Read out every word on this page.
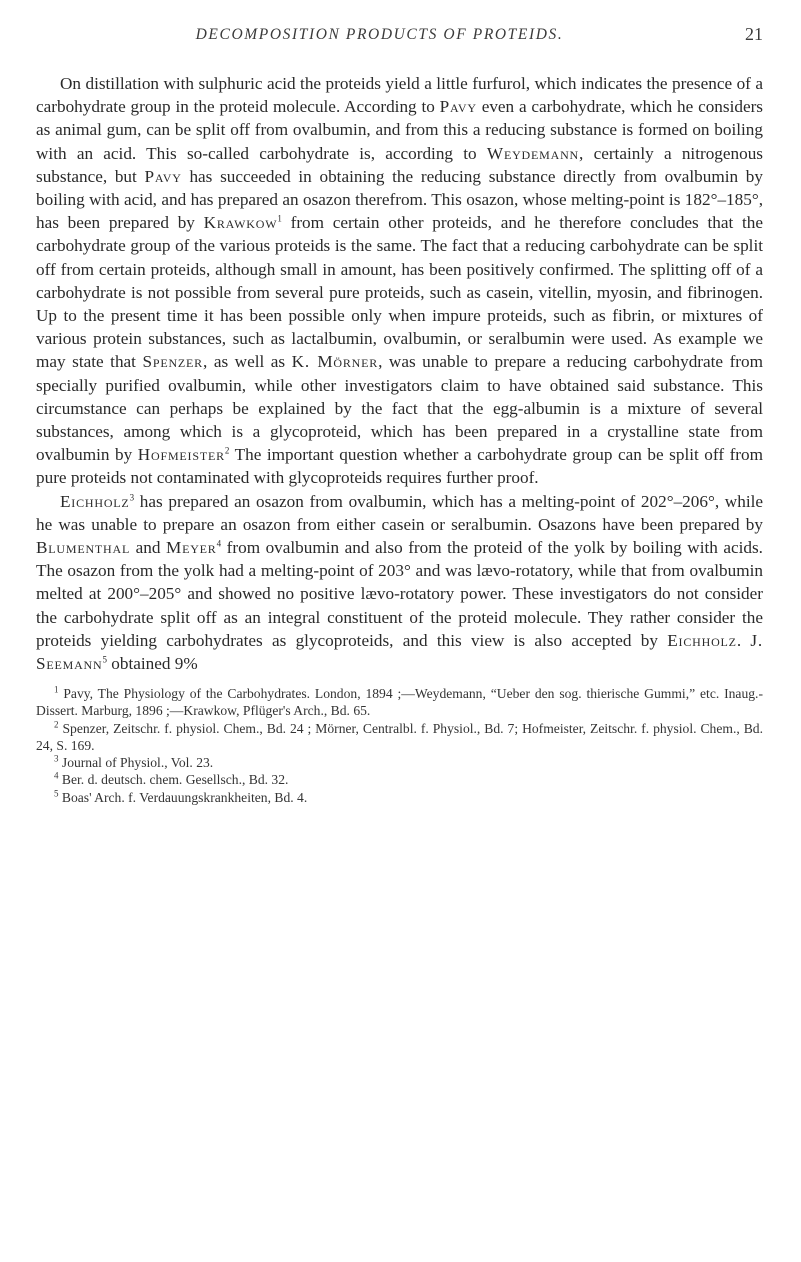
DECOMPOSITION PRODUCTS OF PROTEIDS.	21

On distillation with sulphuric acid the proteids yield a little furfurol, which indicates the presence of a carbohydrate group in the proteid molecule. According to Pavy even a carbohydrate, which he considers as animal gum, can be split off from ovalbumin, and from this a reducing substance is formed on boiling with an acid. This so-called carbohydrate is, according to Weydemann, certainly a nitrogenous substance, but Pavy has succeeded in obtaining the reducing substance directly from ovalbumin by boiling with acid, and has prepared an osazon therefrom. This osazon, whose melting-point is 182°–185°, has been prepared by Krawkow$^1$ from certain other proteids, and he therefore concludes that the carbohydrate group of the various proteids is the same. The fact that a reducing carbohydrate can be split off from certain proteids, although small in amount, has been positively confirmed. The splitting off of a carbohydrate is not possible from several pure proteids, such as casein, vitellin, myosin, and fibrinogen. Up to the present time it has been possible only when impure proteids, such as fibrin, or mixtures of various protein substances, such as lactalbumin, ovalbumin, or seralbumin were used. As example we may state that Spenzer, as well as K. Mörner, was unable to prepare a reducing carbohydrate from specially purified ovalbumin, while other investigators claim to have obtained said substance. This circumstance can perhaps be explained by the fact that the egg-albumin is a mixture of several substances, among which is a glycoproteid, which has been prepared in a crystalline state from ovalbumin by Hofmeister$^2$ The important question whether a carbohydrate group can be split off from pure proteids not contaminated with glycoproteids requires further proof.

Eichholz$^3$ has prepared an osazon from ovalbumin, which has a melting-point of 202°–206°, while he was unable to prepare an osazon from either casein or seralbumin. Osazons have been prepared by Blumenthal and Meyer$^4$ from ovalbumin and also from the proteid of the yolk by boiling with acids. The osazon from the yolk had a melting-point of 203° and was lævo-rotatory, while that from ovalbumin melted at 200°–205° and showed no positive lævo-rotatory power. These investigators do not consider the carbohydrate split off as an integral constituent of the proteid molecule. They rather consider the proteids yielding carbohydrates as glycoproteids, and this view is also accepted by Eichholz. J. Seemann$^5$ obtained 9%

$^1$ Pavy, The Physiology of the Carbohydrates. London, 1894 ;—Weydemann, “Ueber den sog. thierische Gummi,” etc. Inaug.-Dissert. Marburg, 1896 ;—Krawkow, Pflüger's Arch., Bd. 65.

$^2$ Spenzer, Zeitschr. f. physiol. Chem., Bd. 24 ; Mörner, Centralbl. f. Physiol., Bd. 7; Hofmeister, Zeitschr. f. physiol. Chem., Bd. 24, S. 169.

$^3$ Journal of Physiol., Vol. 23.

$^4$ Ber. d. deutsch. chem. Gesellsch., Bd. 32.

$^5$ Boas' Arch. f. Verdauungskrankheiten, Bd. 4.
